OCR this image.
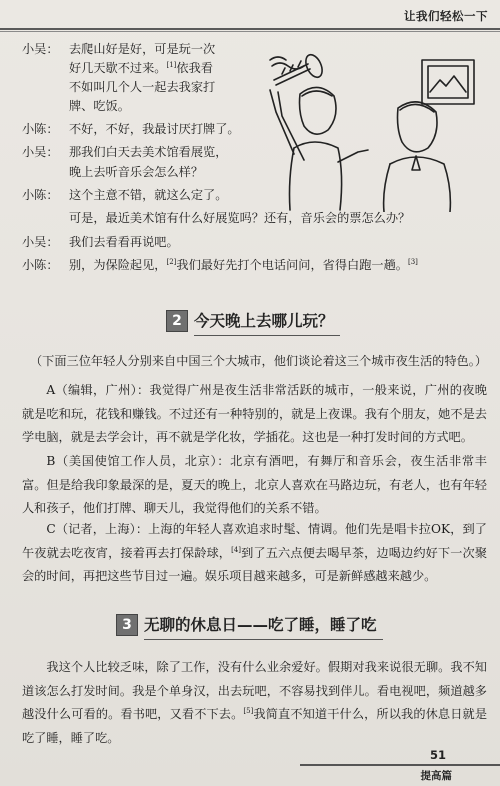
让我们轻松一下
小吴： 去爬山好是好，可是玩一次
好几天歇不过来。[1]依我看
不如叫几个人一起去我家打
牌、吃饭。
小陈： 不好，不好，我最讨厌打牌了。
小吴： 那我们白天去美术馆看展览，
晚上去听音乐会怎么样？
小陈： 这个主意不错，就这么定了。
可是，最近美术馆有什么好展览吗？还有，音乐会的票怎么办？
小吴： 我们去看看再说吧。
小陈： 别，为保险起见，[2]我们最好先打个电话问问，省得白跑一趟。[3]
2 今天晚上去哪儿玩？
（下面三位年轻人分别来自中国三个大城市，他们谈论着这三个城市夜生活的特色。）
A（编辑，广州）：我觉得广州是夜生活非常活跃的城市，一般来说，广州的夜晚就是吃和玩，花钱和赚钱。不过还有一种特别的，就是上夜课。我有个朋友，她不是去学电脑，就是去学会计，再不就是学化妆，学插花。这也是一种打发时间的方式吧。
B（美国使馆工作人员，北京）：北京有酒吧，有舞厅和音乐会，夜生活非常丰富。但是给我印象最深的是，夏天的晚上，北京人喜欢在马路边玩，有老人，也有年轻人和孩子，他们打牌、聊天儿，我觉得他们的关系不错。
C（记者，上海）：上海的年轻人喜欢追求时髦、情调。他们先是唱卡拉OK，到了午夜就去吃夜宵，接着再去打保龄球，[4]到了五六点便去喝早茶，边喝边约好下一次聚会的时间，再把这些节目过一遍。娱乐项目越来越多，可是新鲜感越来越少。
3 无聊的休息日——吃了睡，睡了吃
我这个人比较乏味，除了工作，没有什么业余爱好。假期对我来说很无聊。我不知道该怎么打发时间。我是个单身汉，出去玩吧，不容易找到伴儿。看电视吧，频道越多越没什么可看的。看书吧，又看不下去。[5]我简直不知道干什么，所以我的休息日就是吃了睡，睡了吃。
51
提高篇
